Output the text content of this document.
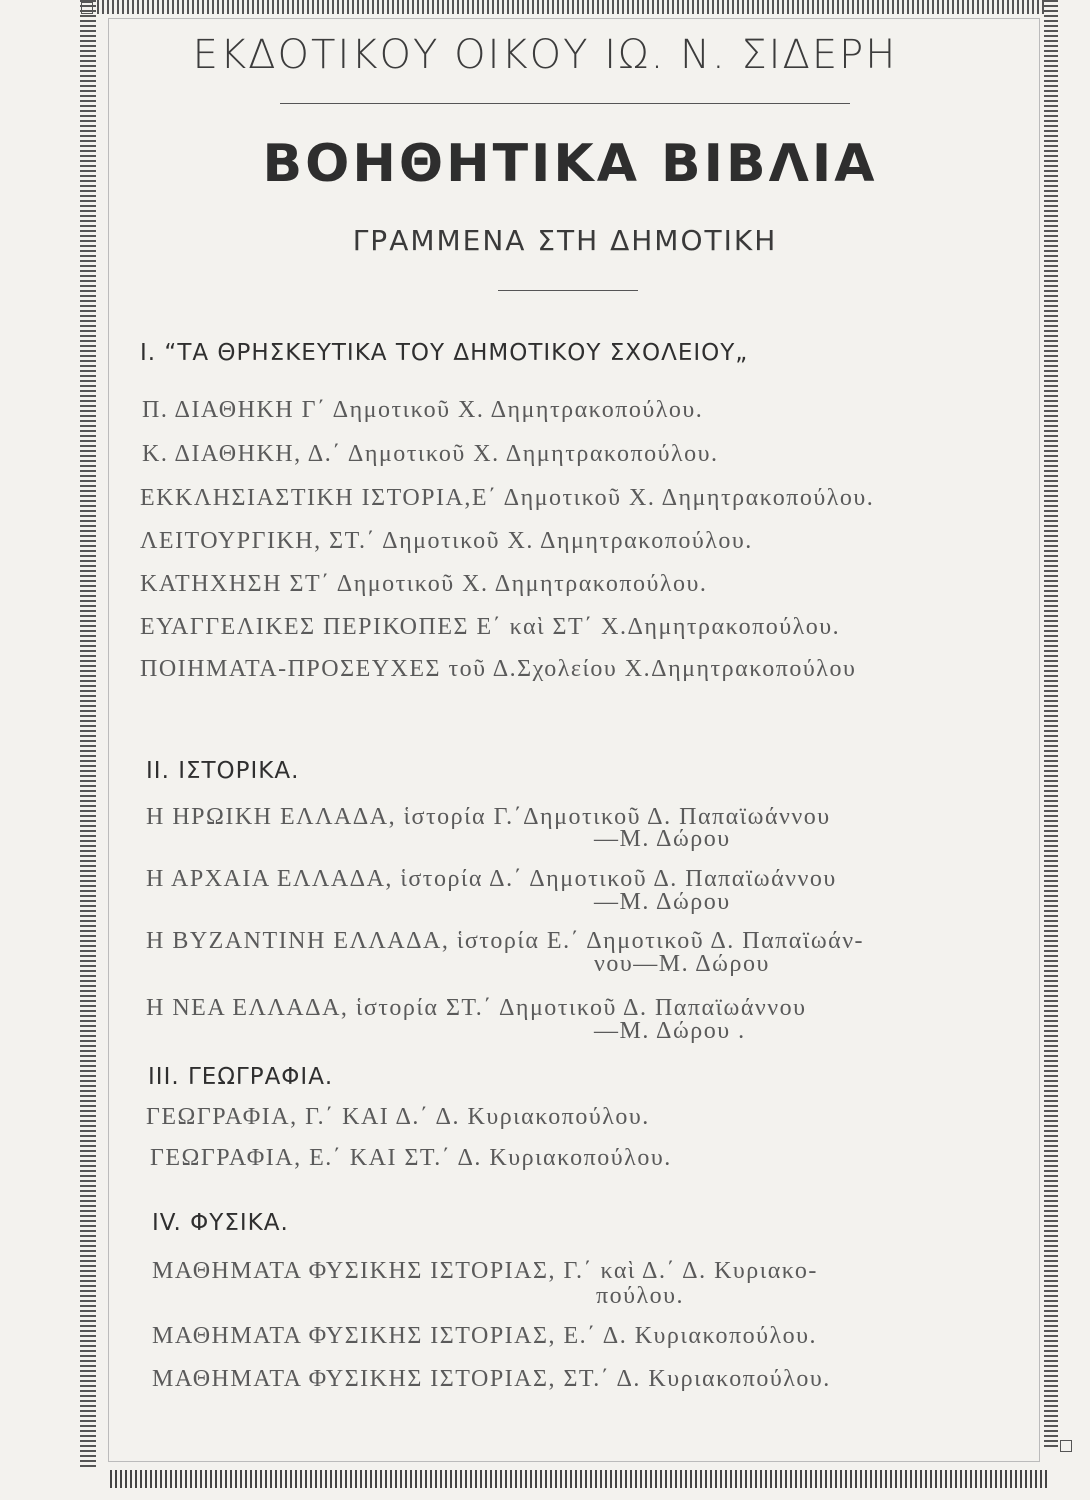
ΕΚΔΟΤΙΚΟΥ ΟΙΚΟΥ ΙΩ. Ν. ΣΙΔΕΡΗ
ΒΟΗΘΗΤΙΚΑ ΒΙΒΛΙΑ
ΓΡΑΜΜΕΝΑ ΣΤΗ ΔΗΜΟΤΙΚΗ
I. “ΤΑ ΘΡΗΣΚΕΥΤΙΚΑ ΤΟΥ ΔΗΜΟΤΙΚΟΥ ΣΧΟΛΕΙΟΥ„
Π. ΔΙΑΘΗΚΗ Γ΄ Δημοτικοῦ Χ. Δημητρακοπούλου.
Κ. ΔΙΑΘΗΚΗ, Δ.΄ Δημοτικοῦ Χ. Δημητρακοπούλου.
ΕΚΚΛΗΣΙΑΣΤΙΚΗ ΙΣΤΟΡΙΑ,Ε΄ Δημοτικοῦ Χ. Δημητρακοπούλου.
ΛΕΙΤΟΥΡΓΙΚΗ, ΣΤ.΄ Δημοτικοῦ Χ. Δημητρακοπούλου.
ΚΑΤΗΧΗΣΗ ΣΤ΄ Δημοτικοῦ Χ. Δημητρακοπούλου.
ΕΥΑΓΓΕΛΙΚΕΣ ΠΕΡΙΚΟΠΕΣ Ε΄ καὶ ΣΤ΄ Χ.Δημητρακοπούλου.
ΠΟΙΗΜΑΤΑ-ΠΡΟΣΕΥΧΕΣ τοῦ Δ.Σχολείου Χ.Δημητρακοπούλου
II. ΙΣΤΟΡΙΚΑ.
Η ΗΡΩΙΚΗ ΕΛΛΑΔΑ, ἱστορία Γ.΄Δημοτικοῦ Δ. Παπαϊωάννου
—Μ. Δώρου
Η ΑΡΧΑΙΑ ΕΛΛΑΔΑ, ἱστορία Δ.΄ Δημοτικοῦ Δ. Παπαϊωάννου
—Μ. Δώρου
Η ΒΥΖΑΝΤΙΝΗ ΕΛΛΑΔΑ, ἱστορία Ε.΄ Δημοτικοῦ Δ. Παπαϊωάν-
νου—Μ. Δώρου
Η ΝΕΑ ΕΛΛΑΔΑ, ἱστορία ΣΤ.΄ Δημοτικοῦ Δ. Παπαϊωάννου
—Μ. Δώρου .
III. ΓΕΩΓΡΑΦΙΑ.
ΓΕΩΓΡΑΦΙΑ, Γ.΄ ΚΑΙ Δ.΄ Δ. Κυριακοπούλου.
ΓΕΩΓΡΑΦΙΑ, Ε.΄ ΚΑΙ ΣΤ.΄ Δ. Κυριακοπούλου.
IV. ΦΥΣΙΚΑ.
ΜΑΘΗΜΑΤΑ ΦΥΣΙΚΗΣ ΙΣΤΟΡΙΑΣ, Γ.΄ καὶ Δ.΄ Δ. Κυριακο-
πούλου.
ΜΑΘΗΜΑΤΑ ΦΥΣΙΚΗΣ ΙΣΤΟΡΙΑΣ, Ε.΄ Δ. Κυριακοπούλου.
ΜΑΘΗΜΑΤΑ ΦΥΣΙΚΗΣ ΙΣΤΟΡΙΑΣ, ΣΤ.΄ Δ. Κυριακοπούλου.
